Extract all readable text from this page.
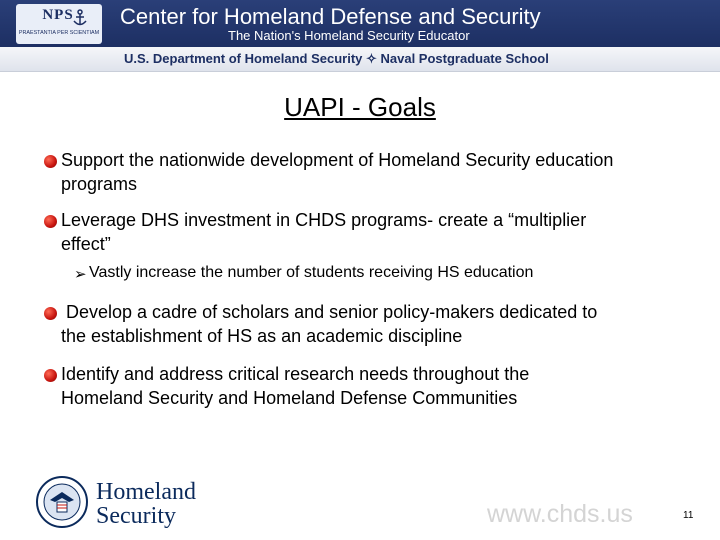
NPS
PRAESTANTIA PER SCIENTIAM
Center for Homeland Defense and Security
The Nation's Homeland Security Educator
U.S. Department of Homeland Security ✧ Naval Postgraduate School
UAPI - Goals
Support the nationwide development of Homeland Security education
programs
Leverage DHS investment in CHDS programs- create a “multiplier
effect”
➢ Vastly increase the number of students receiving HS education
Develop a cadre of scholars and senior policy-makers dedicated to
the establishment of HS as an academic discipline
Identify and address critical research needs throughout the
Homeland Security and Homeland Defense Communities
Homeland
Security	www.chds.us	11
